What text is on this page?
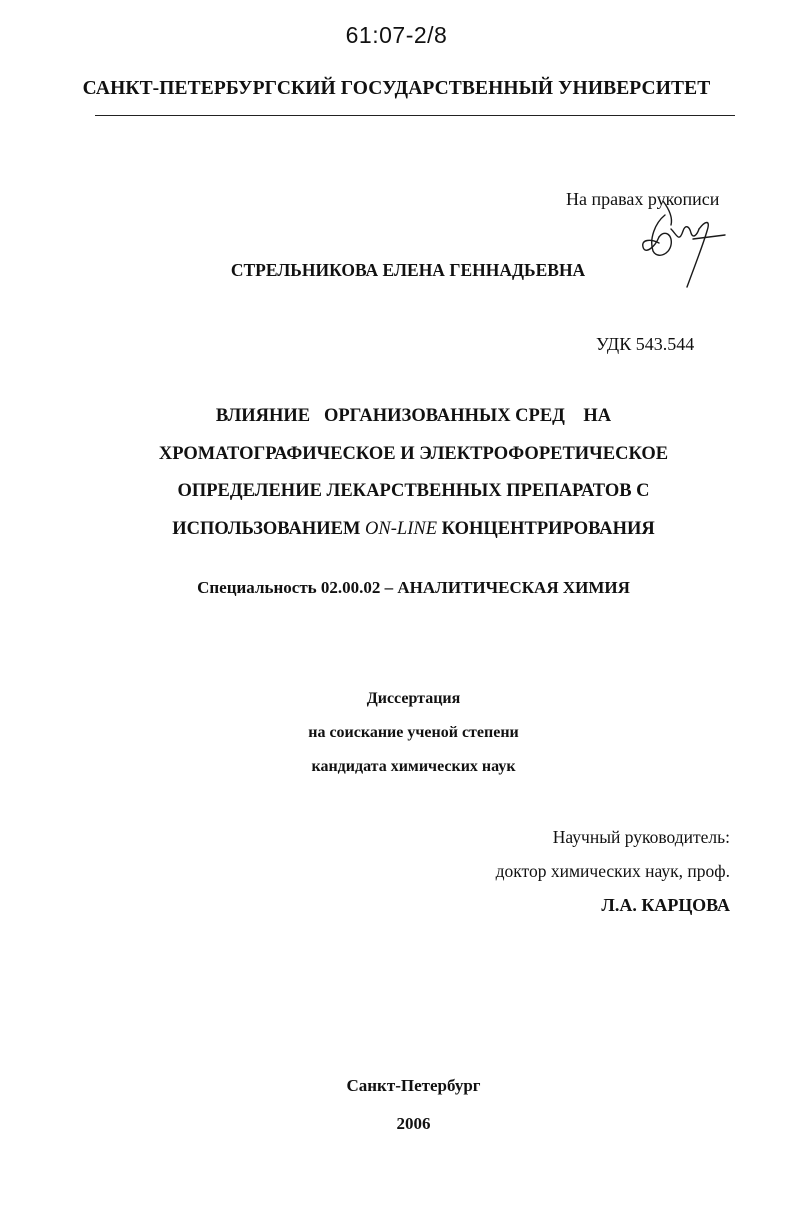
61:07-2/8
САНКТ-ПЕТЕРБУРГСКИЙ ГОСУДАРСТВЕННЫЙ УНИВЕРСИТЕТ
На правах рукописи
СТРЕЛЬНИКОВА ЕЛЕНА ГЕННАДЬЕВНА
УДК 543.544
ВЛИЯНИЕ   ОРГАНИЗОВАННЫХ СРЕД    НА
ХРОМАТОГРАФИЧЕСКОЕ И ЭЛЕКТРОФОРЕТИЧЕСКОЕ
ОПРЕДЕЛЕНИЕ ЛЕКАРСТВЕННЫХ ПРЕПАРАТОВ С
ИСПОЛЬЗОВАНИЕМ ON-LINE КОНЦЕНТРИРОВАНИЯ
Специальность 02.00.02 – АНАЛИТИЧЕСКАЯ ХИМИЯ
Диссертация
на соискание ученой степени
кандидата химических наук
Научный руководитель:
доктор химических наук, проф.
Л.А. КАРЦОВА
Санкт-Петербург
2006
